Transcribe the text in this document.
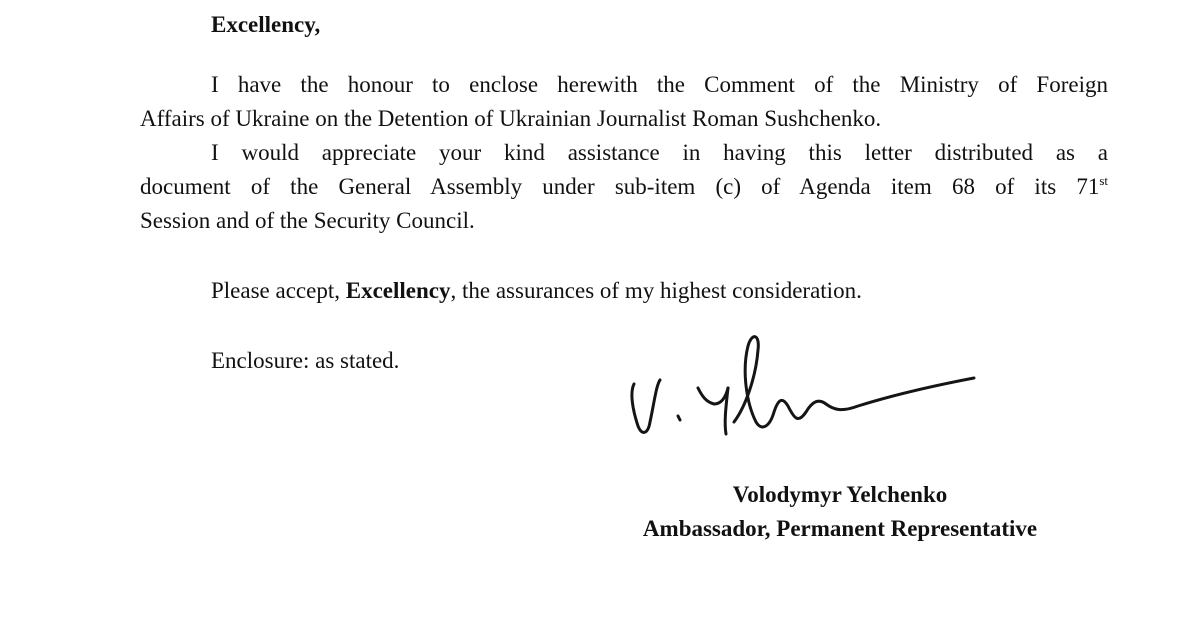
Excellency,
I have the honour to enclose herewith the Comment of the Ministry of Foreign
Affairs of Ukraine on the Detention of Ukrainian Journalist Roman Sushchenko.
I would appreciate your kind assistance in having this letter distributed as a
document of the General Assembly under sub-item (c) of Agenda item 68 of its 71st
Session and of the Security Council.
Please accept, Excellency, the assurances of my highest consideration.
Enclosure: as stated.
Volodymyr Yelchenko
Ambassador, Permanent Representative
